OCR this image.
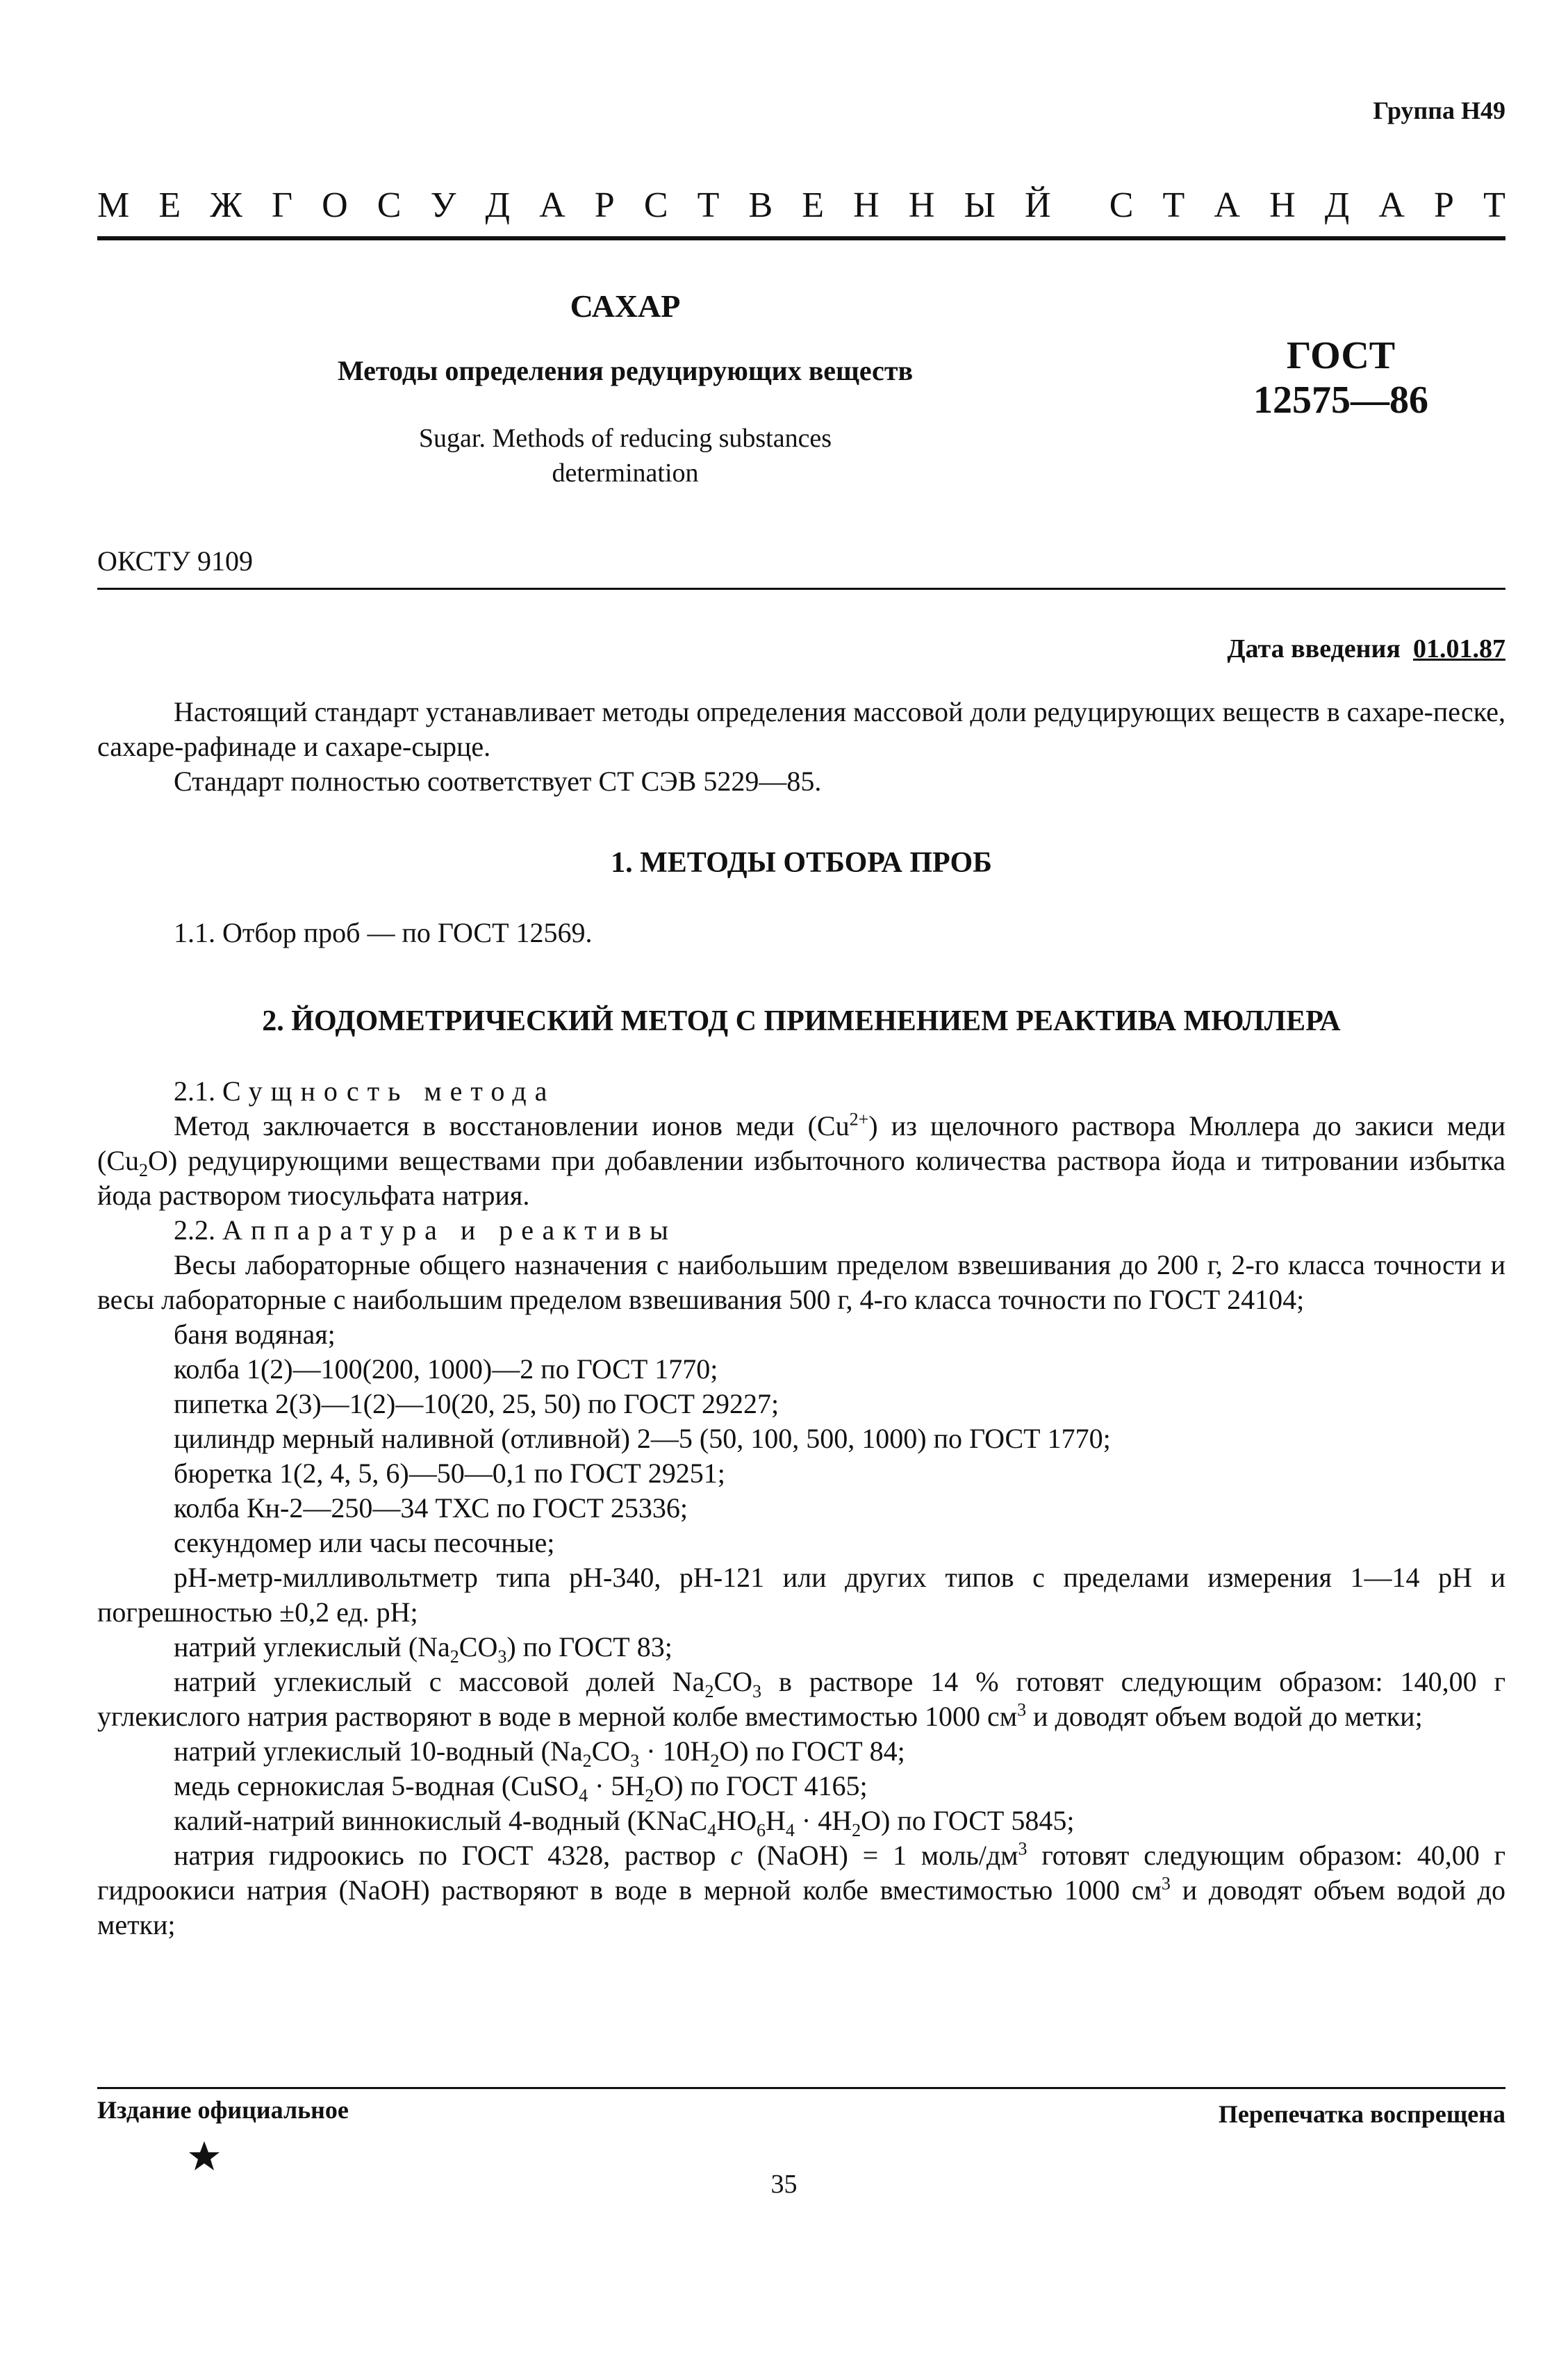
Группа Н49
М Е Ж Г О С У Д А Р С Т В Е Н Н Ы Й С Т А Н Д А Р Т
САХАР
Методы определения редуцирующих веществ
Sugar. Methods of reducing substances
determination
ГОСТ
12575—86
ОКСТУ 9109
Дата введения 01.01.87

Настоящий стандарт устанавливает методы определения массовой доли редуцирующих веществ в сахаре-песке, сахаре-рафинаде и сахаре-сырце.

Стандарт полностью соответствует СТ СЭВ 5229—85.

1. МЕТОДЫ ОТБОРА ПРОБ
1.1. Отбор проб — по ГОСТ 12569.
2. ЙОДОМЕТРИЧЕСКИЙ МЕТОД С ПРИМЕНЕНИЕМ РЕАКТИВА МЮЛЛЕРА

2.1. Сущность метода

Метод заключается в восстановлении ионов меди $(Cu^{2+})$ из щелочного раствора Мюллера до закиси меди $(Cu_2O)$ редуцирующими веществами при добавлении избыточного количества раствора йода и титровании избытка йода раствором тиосульфата натрия.

2.2. Аппаратура и реактивы

Весы лабораторные общего назначения с наибольшим пределом взвешивания до 200 г, 2-го класса точности и весы лабораторные с наибольшим пределом взвешивания 500 г, 4-го класса точности по ГОСТ 24104;

баня водяная;

колба 1(2)—100(200, 1000)—2 по ГОСТ 1770;

пипетка 2(3)—1(2)—10(20, 25, 50) по ГОСТ 29227;

цилиндр мерный наливной (отливной) 2—5 (50, 100, 500, 1000) по ГОСТ 1770;

бюретка 1(2, 4, 5, 6)—50—0,1 по ГОСТ 29251;

колба Кн-2—250—34 ТХС по ГОСТ 25336;

секундомер или часы песочные;

pH-метр-милливольтметр типа pH-340, pH-121 или других типов с пределами измерения 1—14 pH и погрешностью ±0,2 ед. pH;

натрий углекислый $(Na_2CO_3)$ по ГОСТ 83;

натрий углекислый с массовой долей $Na_2CO_3$ в растворе 14 % готовят следующим образом: 140,00 г углекислого натрия растворяют в воде в мерной колбе вместимостью 1000 $см^3$ и доводят объем водой до метки;

натрий углекислый 10-водный $(Na_2CO_3 \cdot 10H_2O)$ по ГОСТ 84;

медь сернокислая 5-водная (CuSO$_4$ · $5H_2O$) по ГОСТ 4165;

калий-натрий виннокислый 4-водный $(KNaC_4HO_6H_4 \cdot 4H_2O)$ по ГОСТ 5845;

натрия гидроокись по ГОСТ 4328, раствор c (NaOH) = 1 моль/$дм^3$ готовят следующим образом: 40,00 г гидроокиси натрия (NaOH) растворяют в воде в мерной колбе вместимостью 1000 $см^3$ и доводят объем водой до метки;

Издание официальное	Перепечатка воспрещена
35
